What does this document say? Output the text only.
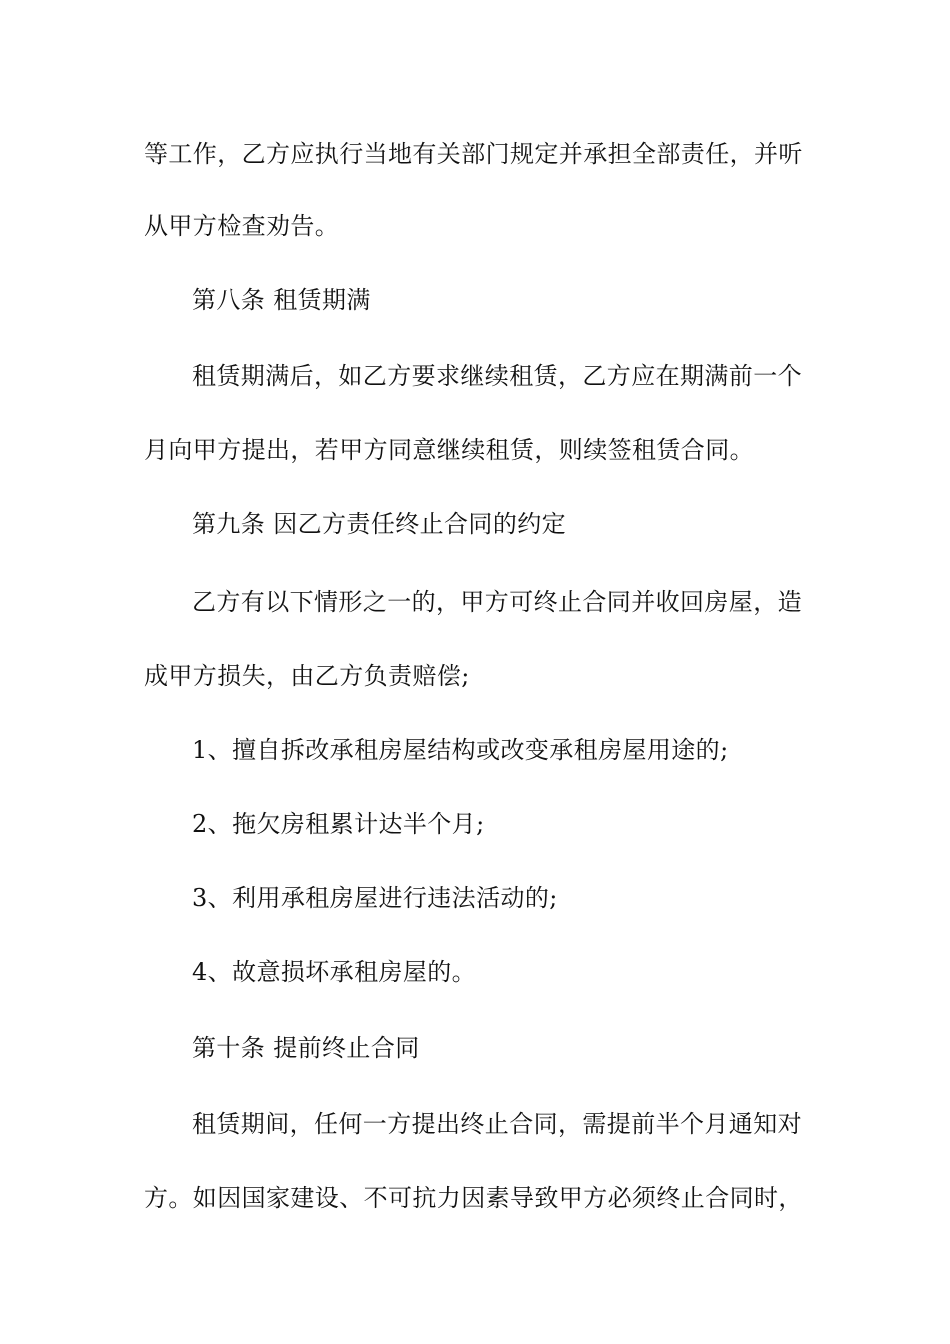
等工作，乙方应执行当地有关部门规定并承担全部责任，并听
从甲方检查劝告。
第八条 租赁期满
租赁期满后，如乙方要求继续租赁，乙方应在期满前一个
月向甲方提出，若甲方同意继续租赁，则续签租赁合同。
第九条 因乙方责任终止合同的约定
乙方有以下情形之一的，甲方可终止合同并收回房屋，造
成甲方损失，由乙方负责赔偿;
1、擅自拆改承租房屋结构或改变承租房屋用途的;
2、拖欠房租累计达半个月;
3、利用承租房屋进行违法活动的;
4、故意损坏承租房屋的。
第十条 提前终止合同
租赁期间，任何一方提出终止合同，需提前半个月通知对
方。如因国家建设、不可抗力因素导致甲方必须终止合同时，
